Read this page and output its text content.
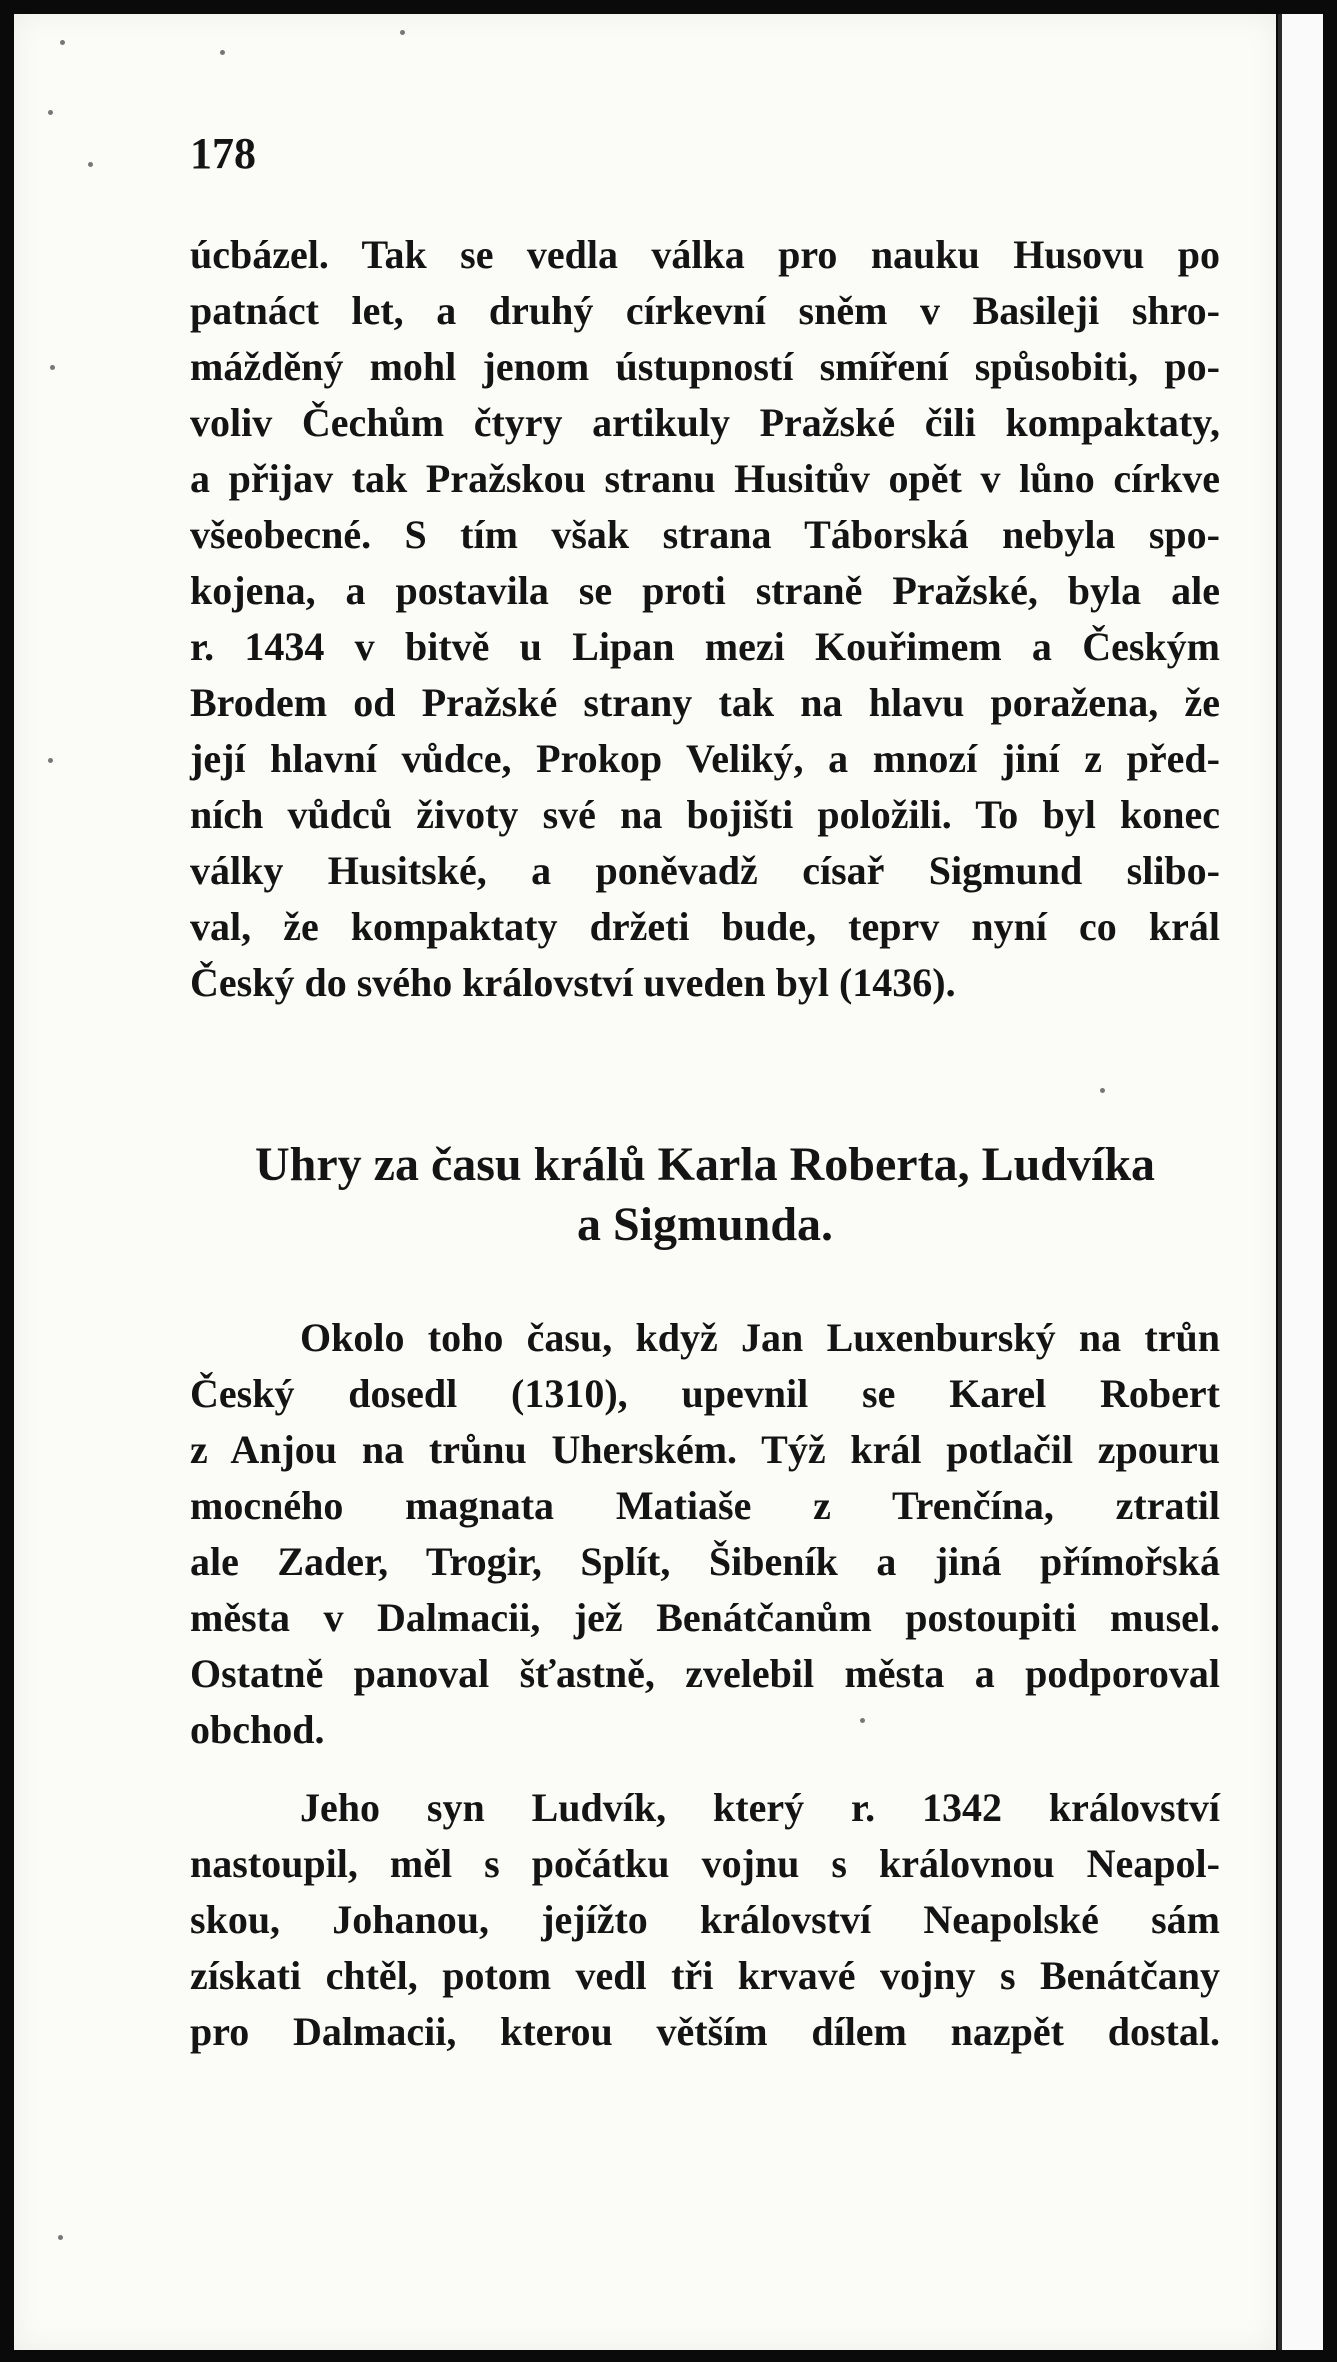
178
úcbázel. Tak se vedla válka pro nauku Husovu po
patnáct let, a druhý církevní sněm v Basileji shro-
mážděný mohl jenom ústupností smíření spůsobiti, po-
voliv Čechům čtyry artikuly Pražské čili kompaktaty,
a přijav tak Pražskou stranu Husitův opět v lůno církve
všeobecné. S tím však strana Táborská nebyla spo-
kojena, a postavila se proti straně Pražské, byla ale
r. 1434 v bitvě u Lipan mezi Kouřimem a Českým
Brodem od Pražské strany tak na hlavu poražena, že
její hlavní vůdce, Prokop Veliký, a mnozí jiní z před-
ních vůdců životy své na bojišti položili. To byl konec
války Husitské, a poněvadž císař Sigmund slibo-
val, že kompaktaty držeti bude, teprv nyní co král
Český do svého království uveden byl (1436).
Uhry za času králů Karla Roberta, Ludvíka
a Sigmunda.
Okolo toho času, když Jan Luxenburský na trůn
Český dosedl (1310), upevnil se Karel Robert
z Anjou na trůnu Uherském. Týž král potlačil zpouru
mocného magnata Matiaše z Trenčína, ztratil
ale Zader, Trogir, Splít, Šibeník a jiná přímořská
města v Dalmacii, jež Benátčanům postoupiti musel.
Ostatně panoval šťastně, zvelebil města a podporoval
obchod.
Jeho syn Ludvík, který r. 1342 království
nastoupil, měl s počátku vojnu s královnou Neapol-
skou, Johanou, jejížto království Neapolské sám
získati chtěl, potom vedl tři krvavé vojny s Benátčany
pro Dalmacii, kterou větším dílem nazpět dostal.
